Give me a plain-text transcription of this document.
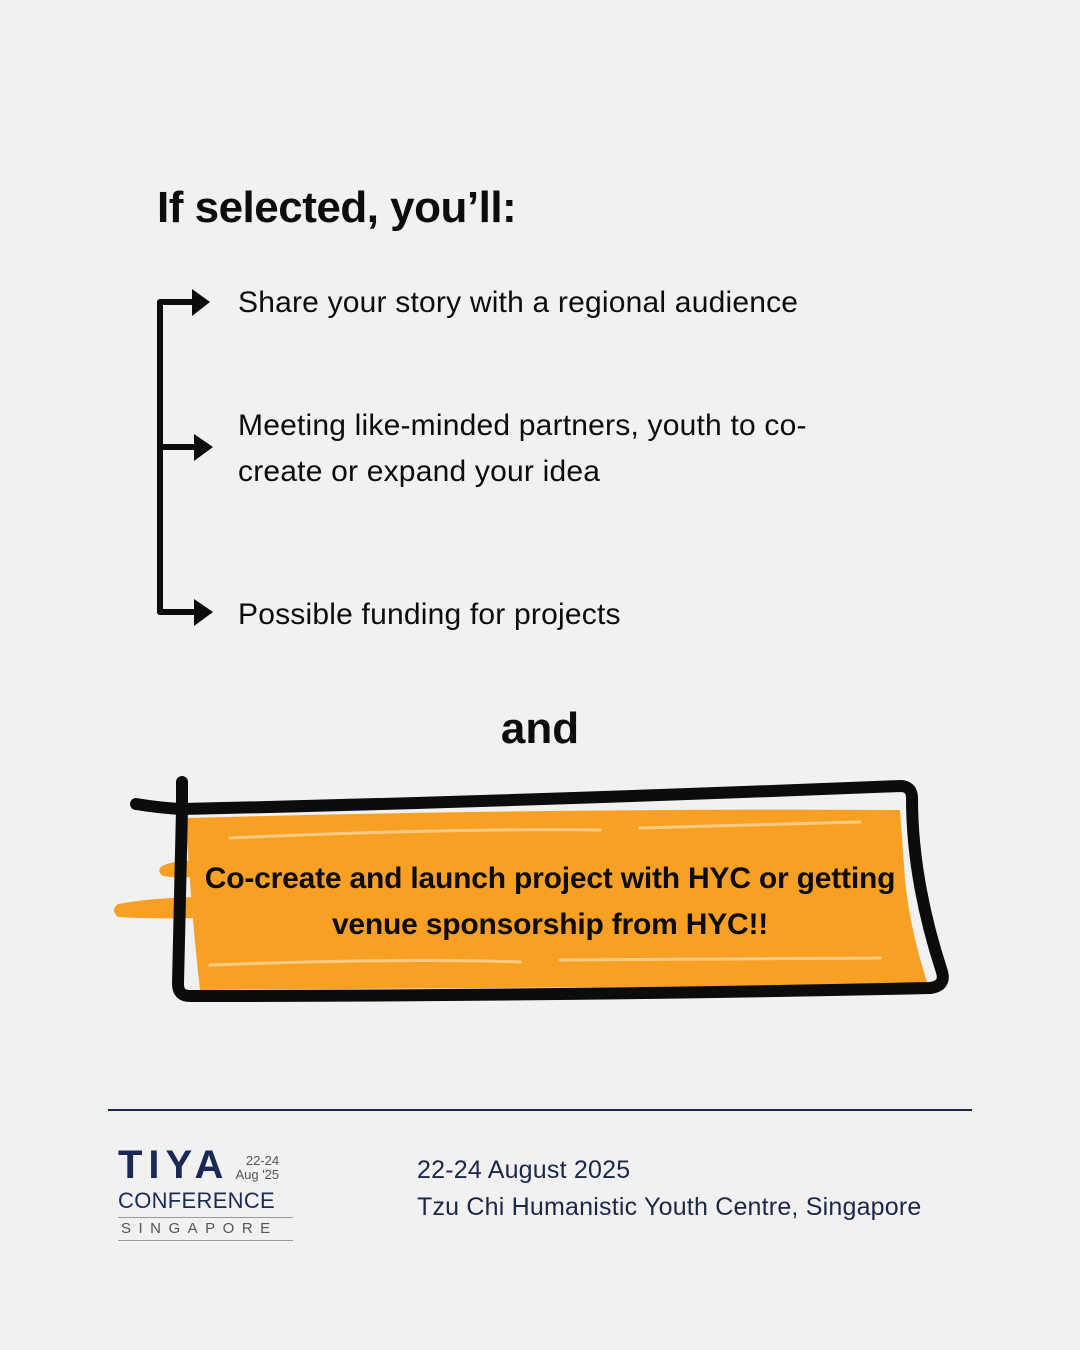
If selected, you’ll:
Share your story with a regional audience
Meeting like-minded partners, youth to co-create or expand your idea
Possible funding for projects
and
Co-create and launch project with HYC or getting venue sponsorship from HYC!!
TIYA	22-24
Aug '25
CONFERENCE
SINGAPORE
22-24 August 2025
Tzu Chi Humanistic Youth Centre, Singapore
